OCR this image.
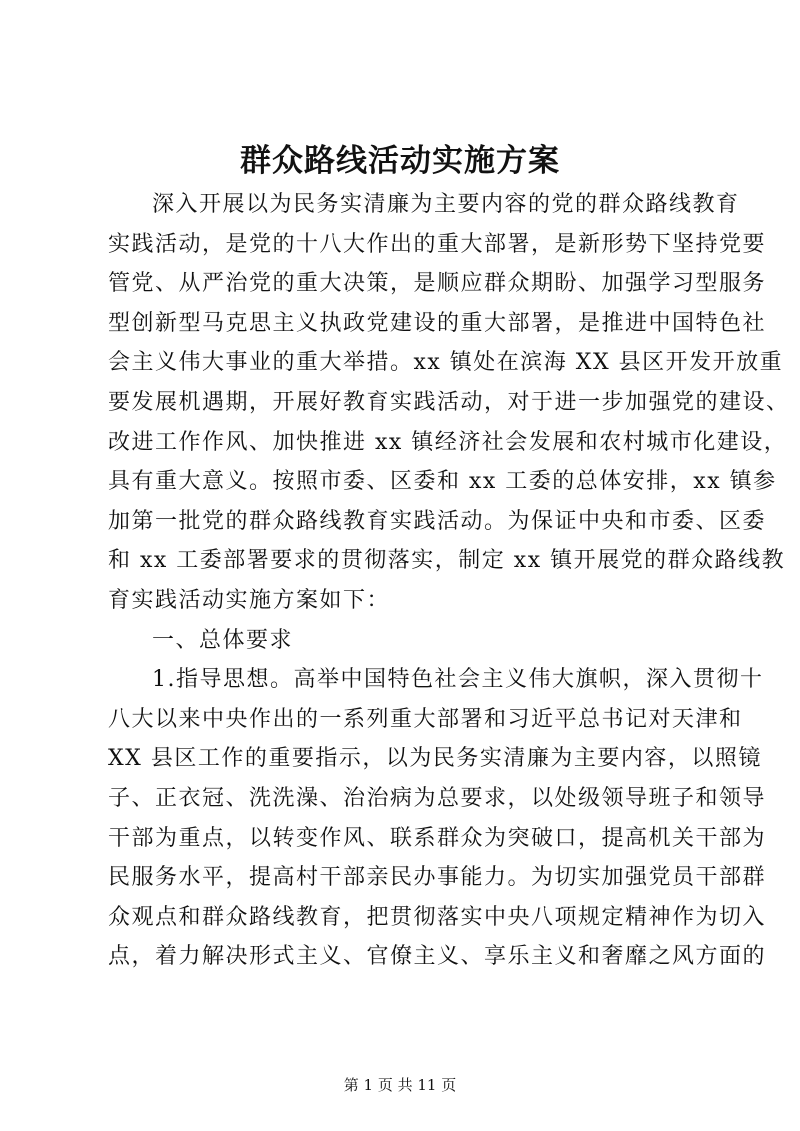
群众路线活动实施方案
深入开展以为民务实清廉为主要内容的党的群众路线教育
实践活动，是党的十八大作出的重大部署，是新形势下坚持党要
管党、从严治党的重大决策，是顺应群众期盼、加强学习型服务
型创新型马克思主义执政党建设的重大部署，是推进中国特色社
会主义伟大事业的重大举措。xx 镇处在滨海 XX 县区开发开放重
要发展机遇期，开展好教育实践活动，对于进一步加强党的建设、
改进工作作风、加快推进 xx 镇经济社会发展和农村城市化建设，
具有重大意义。按照市委、区委和 xx 工委的总体安排，xx 镇参
加第一批党的群众路线教育实践活动。为保证中央和市委、区委
和 xx 工委部署要求的贯彻落实，制定 xx 镇开展党的群众路线教
育实践活动实施方案如下：
一、总体要求
1.指导思想。高举中国特色社会主义伟大旗帜，深入贯彻十
八大以来中央作出的一系列重大部署和习近平总书记对天津和
XX 县区工作的重要指示，以为民务实清廉为主要内容，以照镜
子、正衣冠、洗洗澡、治治病为总要求，以处级领导班子和领导
干部为重点，以转变作风、联系群众为突破口，提高机关干部为
民服务水平，提高村干部亲民办事能力。为切实加强党员干部群
众观点和群众路线教育，把贯彻落实中央八项规定精神作为切入
点，着力解决形式主义、官僚主义、享乐主义和奢靡之风方面的
第 1 页 共 11 页
